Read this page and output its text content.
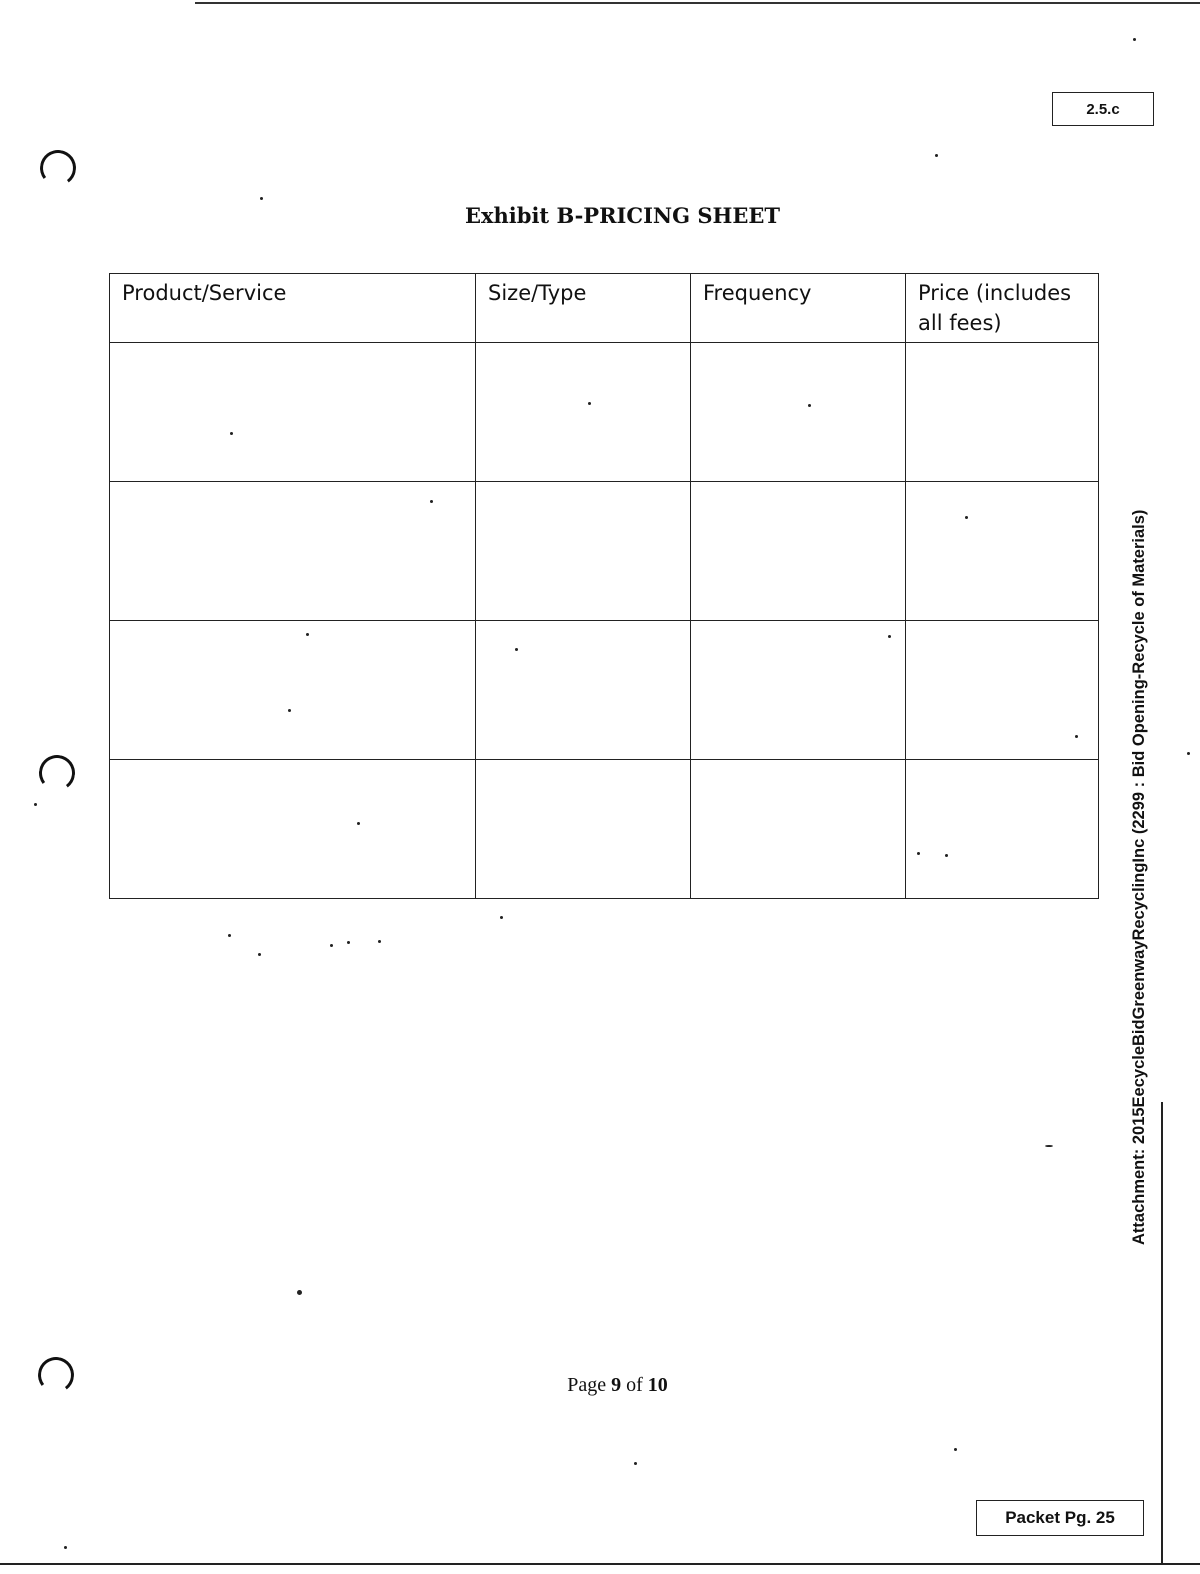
2.5.c
Exhibit B-PRICING SHEET
Product/Service	Size/Type	Frequency	Price (includes all fees)

Page 9 of 10
Attachment: 2015EecycleBidGreenwayRecyclingInc (2299 : Bid Opening-Recycle of Materials)
Packet Pg. 25
